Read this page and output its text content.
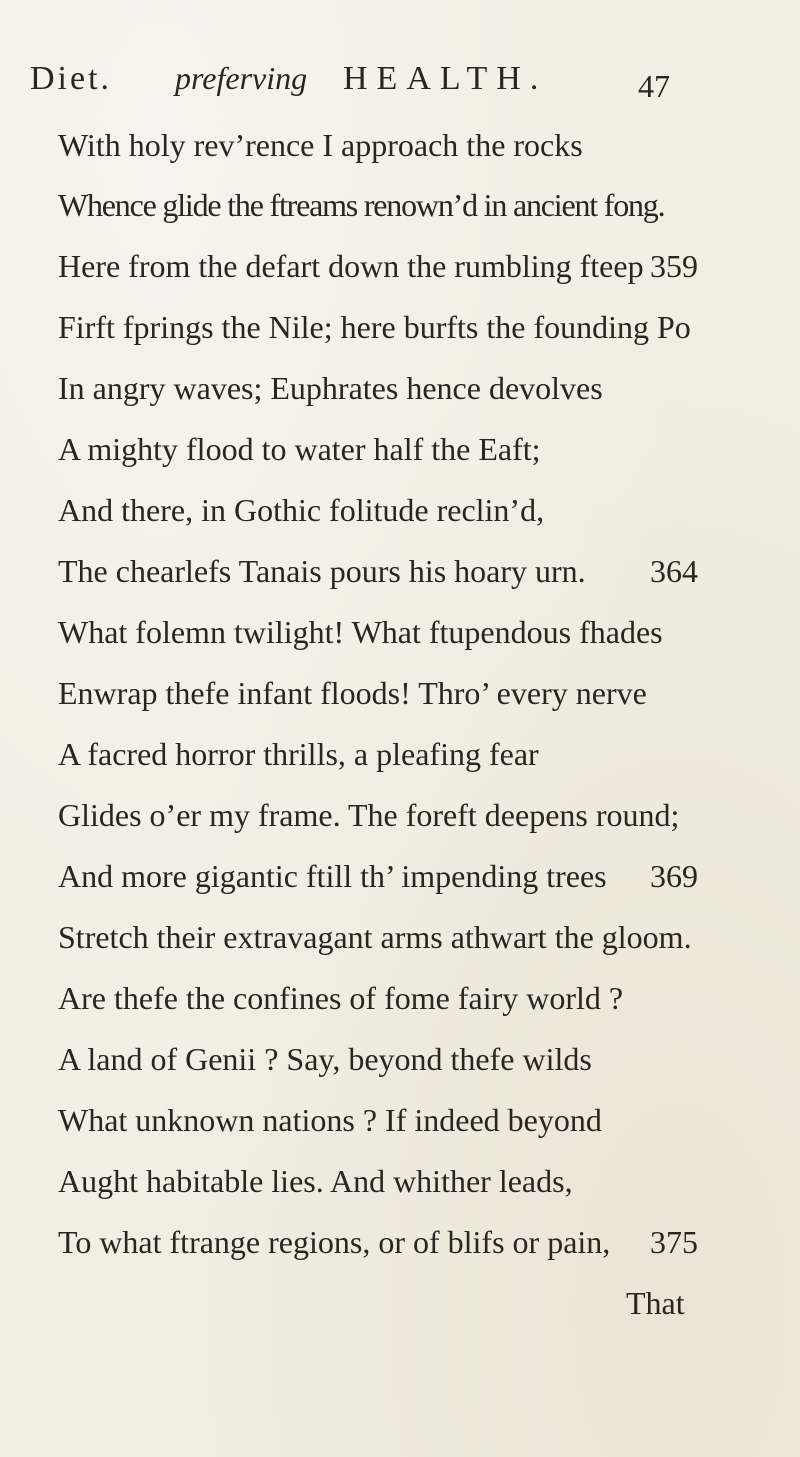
Diet. preferving HEALTH.	47
With holy rev’rence I approach the rocks
Whence glide the ftreams renown’d in ancient fong.
Here from the defart down the rumbling fteep 359
Firft fprings the Nile; here burfts the founding Po
In angry waves; Euphrates hence devolves
A mighty flood to water half the Eaft;
And there, in Gothic folitude reclin’d,
The chearlefs Tanais pours his hoary urn. 364
What folemn twilight! What ftupendous fhades
Enwrap thefe infant floods! Thro’ every nerve
A facred horror thrills, a pleafing fear
Glides o’er my frame. The foreft deepens round;
And more gigantic ftill th’ impending trees 369
Stretch their extravagant arms athwart the gloom.
Are thefe the confines of fome fairy world ?
A land of Genii ? Say, beyond thefe wilds
What unknown nations ? If indeed beyond
Aught habitable lies. And whither leads,
To what ftrange regions, or of blifs or pain, 375
That
